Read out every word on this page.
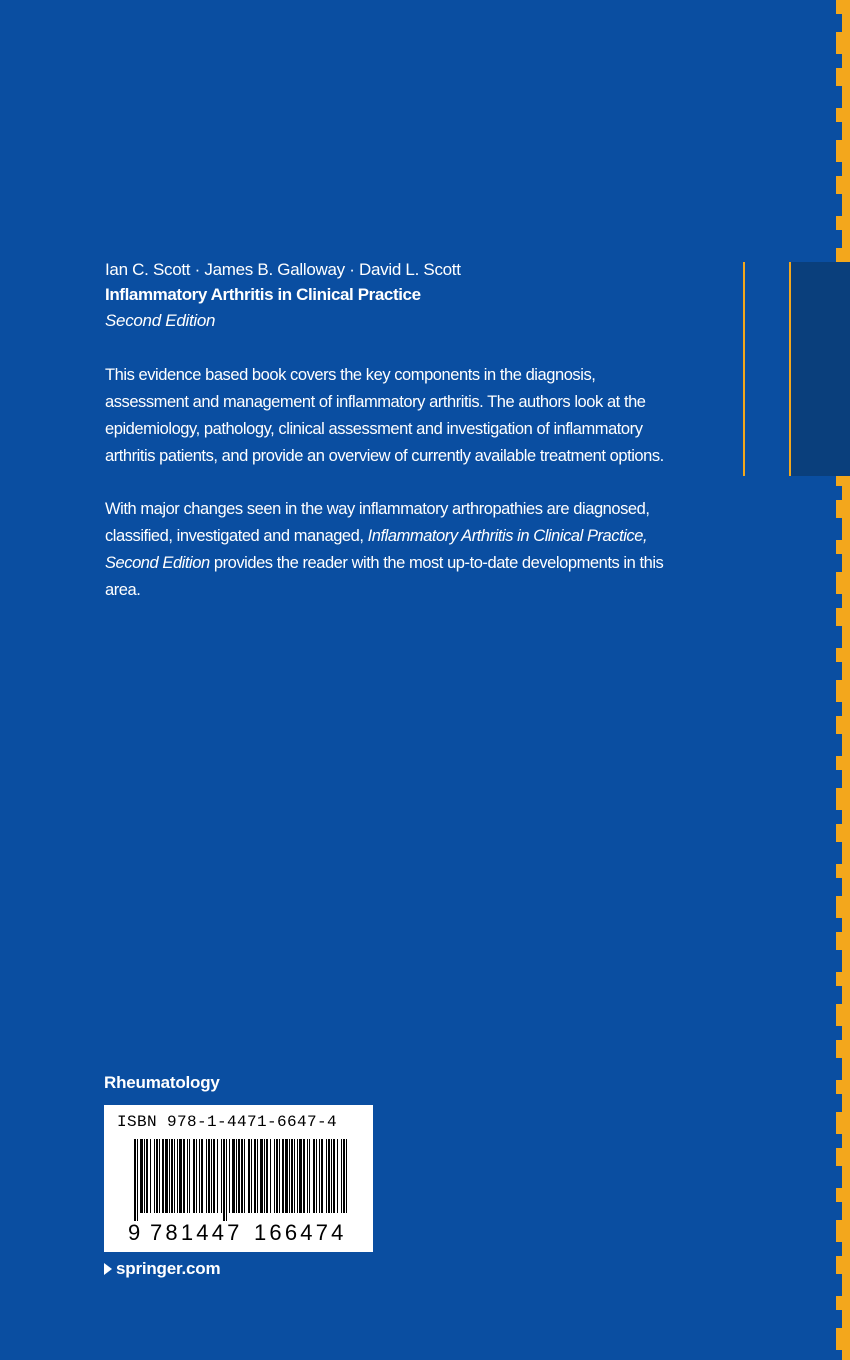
Ian C. Scott · James B. Galloway · David L. Scott
Inflammatory Arthritis in Clinical Practice
Second Edition

This evidence based book covers the key components in the diagnosis, assessment and management of inflammatory arthritis. The authors look at the epidemiology, pathology, clinical assessment and investigation of inflammatory arthritis patients, and provide an overview of currently available treatment options.

With major changes seen in the way inflammatory arthropathies are diagnosed, classified, investigated and managed, Inflammatory Arthritis in Clinical Practice, Second Edition provides the reader with the most up-to-date developments in this area.

Rheumatology
ISBN 978-1-4471-6647-4
9 781447 166474
springer.com
